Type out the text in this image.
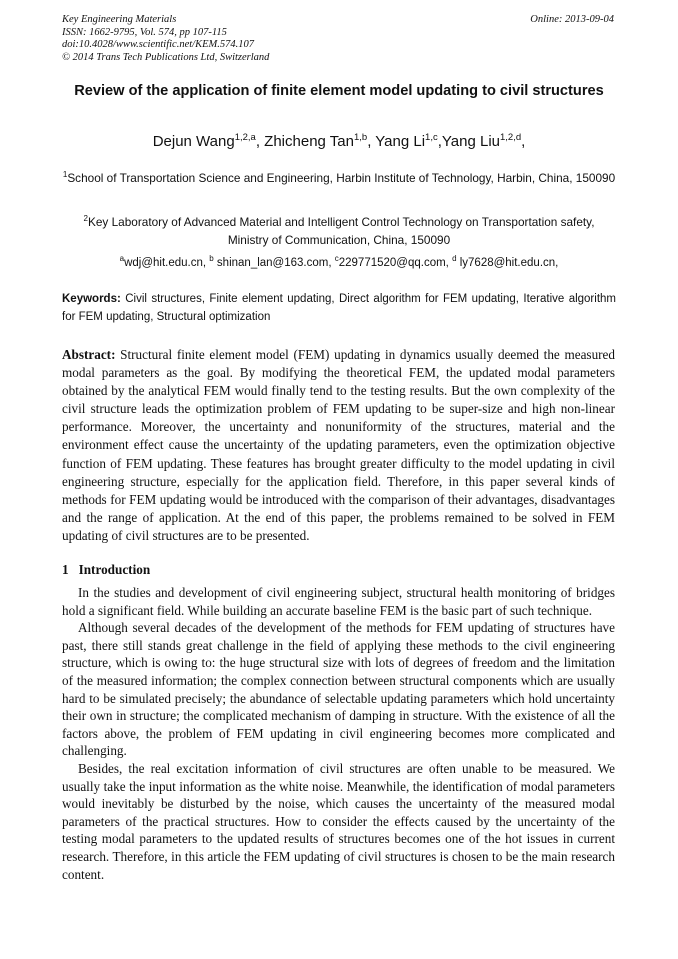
Key Engineering Materials
ISSN: 1662-9795, Vol. 574, pp 107-115
doi:10.4028/www.scientific.net/KEM.574.107
© 2014 Trans Tech Publications Ltd, Switzerland
Online: 2013-09-04
Review of the application of finite element model updating to civil structures
Dejun Wang$^{1,2,a}$, Zhicheng Tan$^{1,b}$, Yang Li$^{1,c}$,Yang Liu$^{1,2,d}$,
$^1$School of Transportation Science and Engineering, Harbin Institute of Technology, Harbin, China, 150090
$^2$Key Laboratory of Advanced Material and Intelligent Control Technology on Transportation safety, Ministry of Communication, China, 150090
$^a$wdj@hit.edu.cn, $^b$ shinan_lan@163.com, $^c$229771520@qq.com, $^d$ ly7628@hit.edu.cn,
Keywords: Civil structures, Finite element updating, Direct algorithm for FEM updating, Iterative algorithm for FEM updating, Structural optimization
Abstract: Structural finite element model (FEM) updating in dynamics usually deemed the measured modal parameters as the goal. By modifying the theoretical FEM, the updated modal parameters obtained by the analytical FEM would finally tend to the testing results. But the own complexity of the civil structure leads the optimization problem of FEM updating to be super-size and high non-linear performance. Moreover, the uncertainty and nonuniformity of the structures, material and the environment effect cause the uncertainty of the updating parameters, even the optimization objective function of FEM updating. These features has brought greater difficulty to the model updating in civil engineering structure, especially for the application field. Therefore, in this paper several kinds of methods for FEM updating would be introduced with the comparison of their advantages, disadvantages and the range of application. At the end of this paper, the problems remained to be solved in FEM updating of civil structures are to be presented.
1 Introduction

In the studies and development of civil engineering subject, structural health monitoring of bridges hold a significant field. While building an accurate baseline FEM is the basic part of such technique.

Although several decades of the development of the methods for FEM updating of structures have past, there still stands great challenge in the field of applying these methods to the civil engineering structure, which is owing to: the huge structural size with lots of degrees of freedom and the limitation of the measured information; the complex connection between structural components which are usually hard to be simulated precisely; the abundance of selectable updating parameters which hold uncertainty their own in structure; the complicated mechanism of damping in structure. With the existence of all the factors above, the problem of FEM updating in civil engineering becomes more complicated and challenging.

Besides, the real excitation information of civil structures are often unable to be measured. We usually take the input information as the white noise. Meanwhile, the identification of modal parameters would inevitably be disturbed by the noise, which causes the uncertainty of the measured modal parameters of the practical structures. How to consider the effects caused by the uncertainty of the testing modal parameters to the updated results of structures becomes one of the hot issues in current research. Therefore, in this article the FEM updating of civil structures is chosen to be the main research content.
